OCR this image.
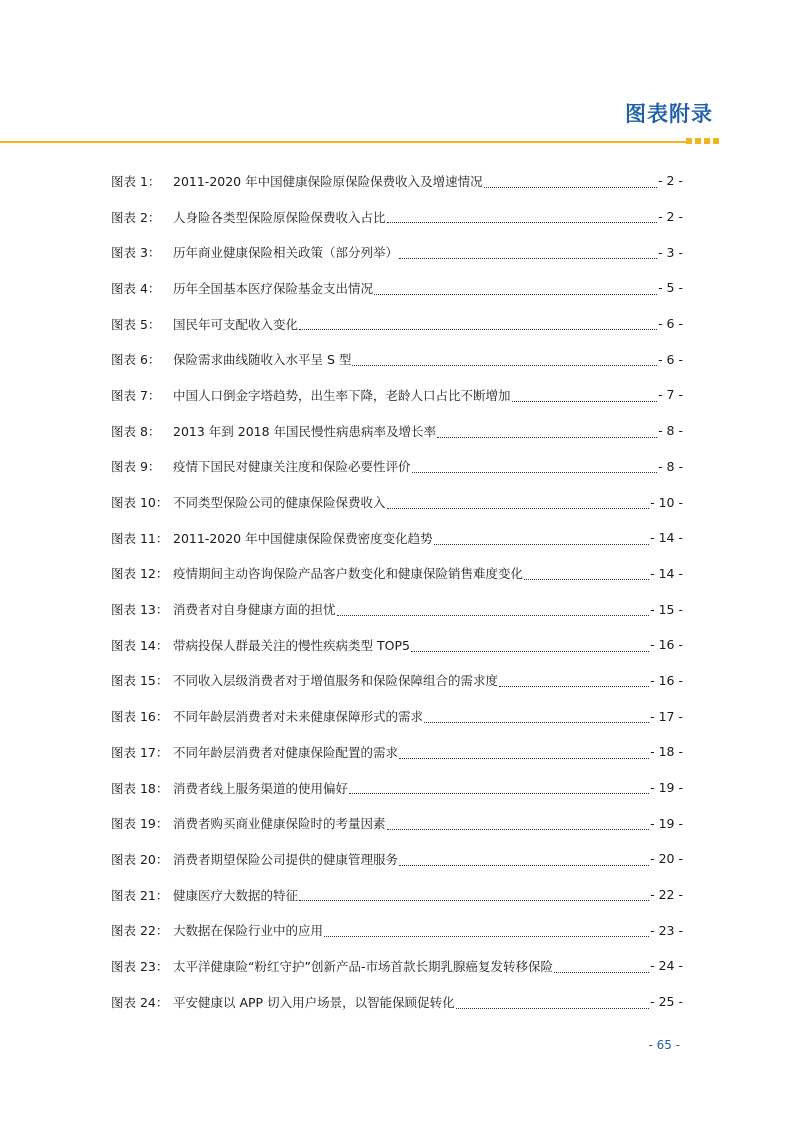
图表附录
图表 1：	2011-2020 年中国健康保险原保险保费收入及增速情况	- 2 -
图表 2：	人身险各类型保险原保险保费收入占比	- 2 -
图表 3：	历年商业健康保险相关政策（部分列举）	- 3 -
图表 4：	历年全国基本医疗保险基金支出情况	- 5 -
图表 5：	国民年可支配收入变化	- 6 -
图表 6：	保险需求曲线随收入水平呈 S 型	- 6 -
图表 7：	中国人口倒金字塔趋势，出生率下降，老龄人口占比不断增加	- 7 -
图表 8：	2013 年到 2018 年国民慢性病患病率及增长率	- 8 -
图表 9：	疫情下国民对健康关注度和保险必要性评价	- 8 -
图表 10： 不同类型保险公司的健康保险保费收入	- 10 -
图表 11： 2011-2020 年中国健康保险保费密度变化趋势	- 14 -
图表 12： 疫情期间主动咨询保险产品客户数变化和健康保险销售难度变化	- 14 -
图表 13： 消费者对自身健康方面的担忧	- 15 -
图表 14： 带病投保人群最关注的慢性疾病类型 TOP5	- 16 -
图表 15： 不同收入层级消费者对于增值服务和保险保障组合的需求度	- 16 -
图表 16： 不同年龄层消费者对未来健康保障形式的需求	- 17 -
图表 17： 不同年龄层消费者对健康保险配置的需求	- 18 -
图表 18： 消费者线上服务渠道的使用偏好	- 19 -
图表 19： 消费者购买商业健康保险时的考量因素	- 19 -
图表 20： 消费者期望保险公司提供的健康管理服务	- 20 -
图表 21： 健康医疗大数据的特征	- 22 -
图表 22： 大数据在保险行业中的应用	- 23 -
图表 23： 太平洋健康险“粉红守护”创新产品-市场首款长期乳腺癌复发转移保险	- 24 -
图表 24： 平安健康以 APP 切入用户场景，以智能保顾促转化	- 25 -
- 65 -
